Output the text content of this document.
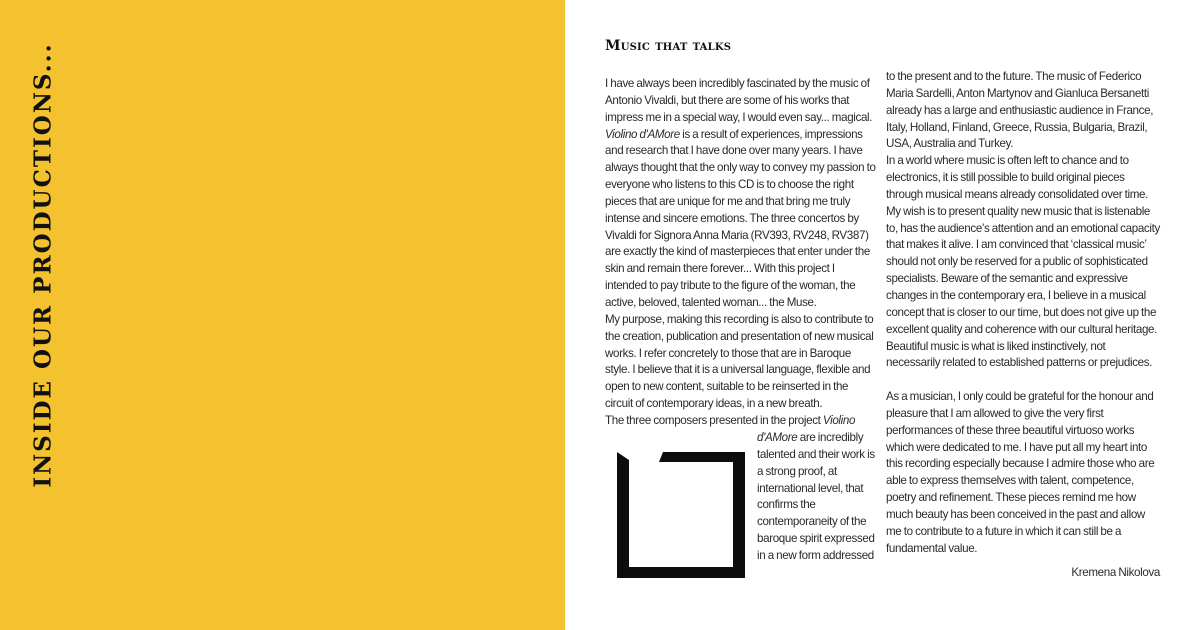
INSIDE OUR PRODUCTIONS...	Music that talks

I have always been incredibly fascinated by the music of Antonio Vivaldi, but there are some of his works that impress me in a special way, I would even say... magical. Violino d'AMore is a result of experiences, impressions and research that I have done over many years. I have always thought that the only way to convey my passion to everyone who listens to this CD is to choose the right pieces that are unique for me and that bring me truly intense and sincere emotions. The three concertos by Vivaldi for Signora Anna Maria (RV393, RV248, RV387) are exactly the kind of masterpieces that enter under the skin and remain there forever... With this project I intended to pay tribute to the figure of the woman, the active, beloved, talented woman... the Muse.

My purpose, making this recording is also to contribute to the creation, publication and presentation of new musical works. I refer concretely to those that are in Baroque style. I believe that it is a universal language, flexible and open to new content, suitable to be reinserted in the circuit of contemporary ideas, in a new breath.

The three composers presented in the project Violino

d'AMore are incredibly talented and their work is a strong proof, at international level, that confirms the contemporaneity of the baroque spirit expressed in a new form addressed

to the present and to the future. The music of Federico Maria Sardelli, Anton Martynov and Gianluca Bersanetti already has a large and enthusiastic audience in France, Italy, Holland, Finland, Greece, Russia, Bulgaria, Brazil, USA, Australia and Turkey.

In a world where music is often left to chance and to electronics, it is still possible to build original pieces through musical means already consolidated over time. My wish is to present quality new music that is listenable to, has the audience’s attention and an emotional capacity that makes it alive. I am convinced that ‘classical music’ should not only be reserved for a public of sophisticated specialists. Beware of the semantic and expressive changes in the contemporary era, I believe in a musical concept that is closer to our time, but does not give up the excellent quality and coherence with our cultural heritage. Beautiful music is what is liked instinctively, not necessarily related to established patterns or prejudices.

As a musician, I only could be grateful for the honour and pleasure that I am allowed to give the very first performances of these three beautiful virtuoso works which were dedicated to me. I have put all my heart into this recording especially because I admire those who are able to express themselves with talent, competence, poetry and refinement. These pieces remind me how much beauty has been conceived in the past and allow me to contribute to a future in which it can still be a fundamental value.

Kremena Nikolova
